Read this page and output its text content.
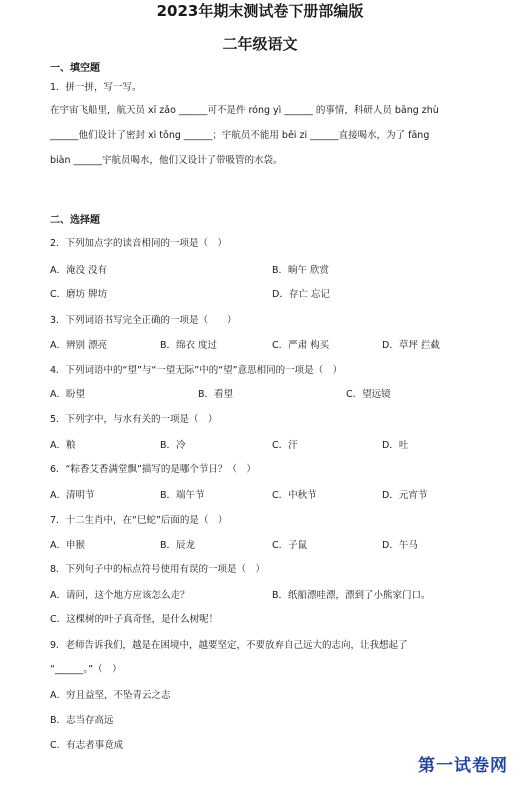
2023年期末测试卷下册部编版
二年级语文
一、填空题
1．拼一拼，写一写。
在宇宙飞船里，航天员 xī zǎo ______可不是件 róng yì ______ 的事情，科研人员 bāng zhù
______他们设计了密封 xì tǒng ______；宇航员不能用 bēi zi ______直接喝水，为了 fāng
biàn ______宇航员喝水，他们又设计了带吸管的水袋。
二、选择题
2．下列加点字的读音相同的一项是（　）
A．淹没 没有	B．晌午 欣赏
C．磨坊 牌坊	D．存亡 忘记
3．下列词语书写完全正确的一项是（　　）
A．辨别 漂亮	B．绵衣 度过	C．严肃 构买	D．草坪 拦截
4．下列词语中的“望”与“一望无际”中的“望”意思相同的一项是（　）
A．盼望	B．看望	C．望远镜
5．下列字中，与水有关的一项是（　）
A．粮	B．冷	C．汗	D．吐
6．“粽香艾香满堂飘”描写的是哪个节日？（　）
A．清明节	B．端午节	C．中秋节	D．元宵节
7．十二生肖中，在“巳蛇”后面的是（　）
A．申猴	B．辰龙	C．子鼠	D．午马
8．下列句子中的标点符号使用有误的一项是（　）
A．请问，这个地方应该怎么走？	B．纸船漂哇漂，漂到了小熊家门口。
C．这棵树的叶子真奇怪，是什么树呢！
9．老师告诉我们，越是在困境中，越要坚定，不要放弃自己远大的志向，让我想起了
“______。”（　）
A．穷且益坚，不坠青云之志
B．志当存高远
C．有志者事竟成
第一试卷网
